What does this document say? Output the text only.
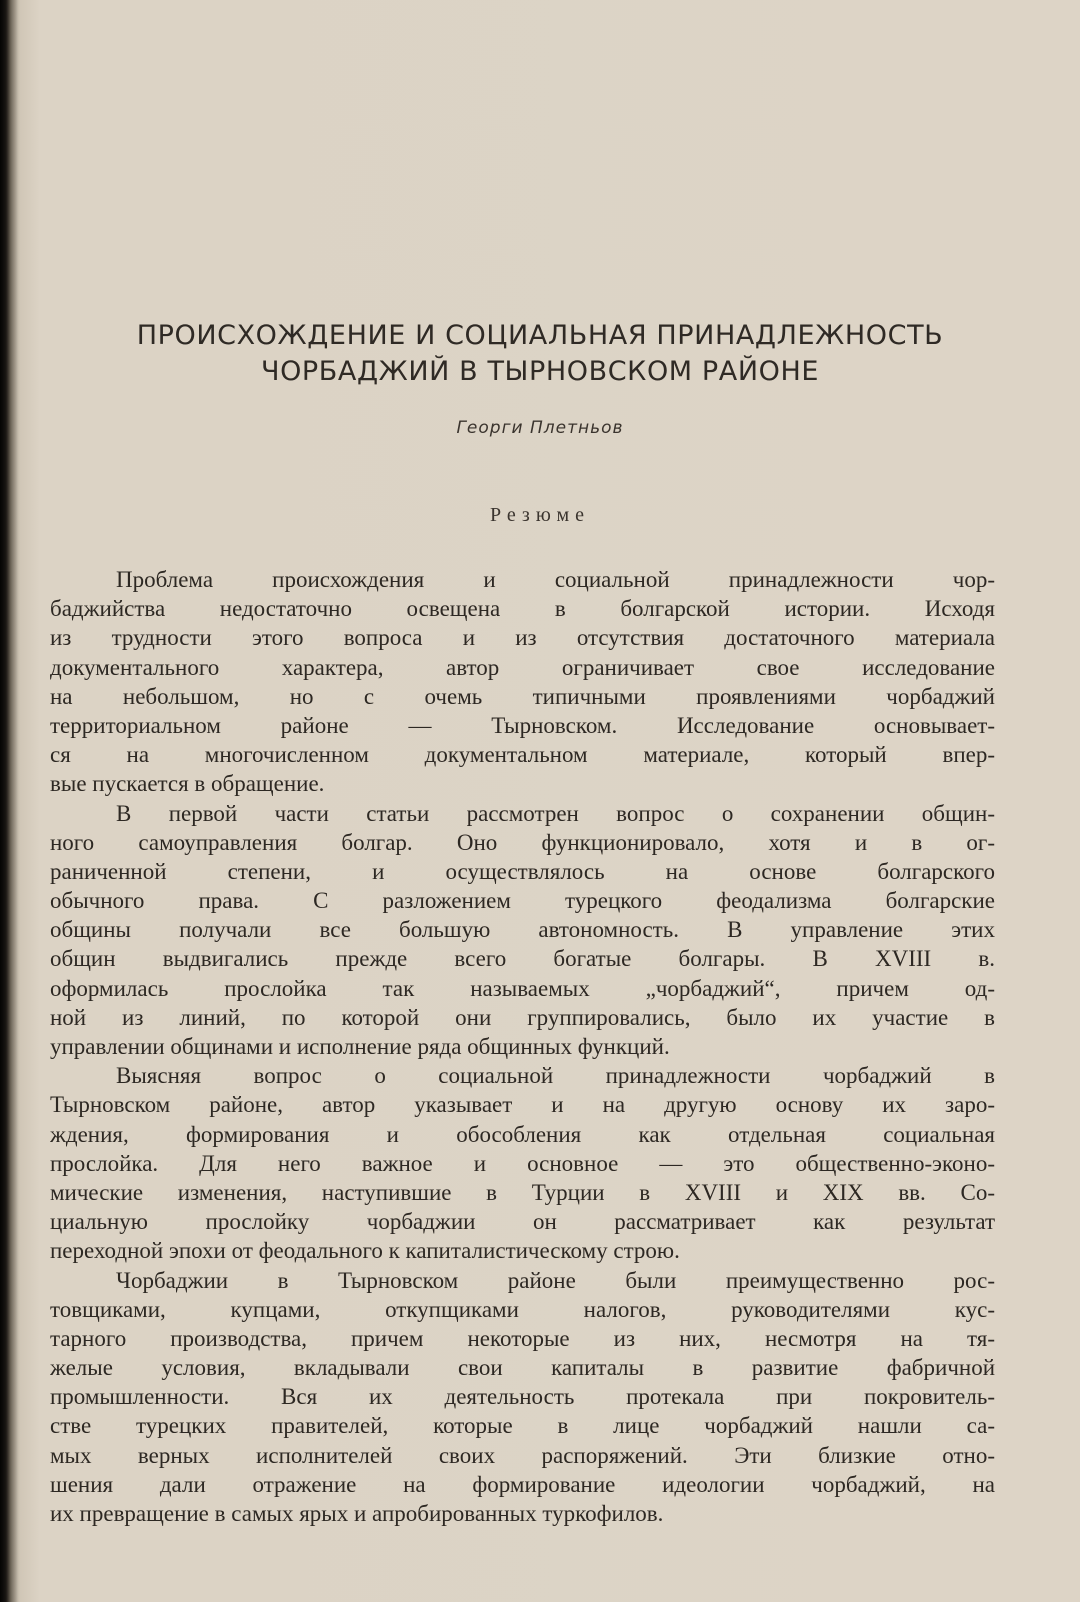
ПРОИСХОЖДЕНИЕ И СОЦИАЛЬНАЯ ПРИНАДЛЕЖНОСТЬ
ЧОРБАДЖИЙ В ТЫРНОВСКОМ РАЙОНЕ
Георги Плетньов
Резюме
Проблема происхождения и социальной принадлежности чор-
баджийства недостаточно освещена в болгарской истории. Исходя
из трудности этого вопроса и из отсутствия достаточного материала
документального характера, автор ограничивает свое исследование
на небольшом, но с очемь типичными проявлениями чорбаджий
территориальном районе — Тырновском. Исследование основывает-
ся на многочисленном документальном материале, который впер-
вые пускается в обращение.
В первой части статьи рассмотрен вопрос о сохранении общин-
ного самоуправления болгар. Оно функционировало, хотя и в ог-
раниченной степени, и осуществлялось на основе болгарского
обычного права. С разложением турецкого феодализма болгарские
общины получали все большую автономность. В управление этих
общин выдвигались прежде всего богатые болгары. В XVIII в.
оформилась прослойка так называемых „чорбаджий“, причем од-
ной из линий, по которой они группировались, было их участие в
управлении общинами и исполнение ряда общинных функций.
Выясняя вопрос о социальной принадлежности чорбаджий в
Тырновском районе, автор указывает и на другую основу их заро-
ждения, формирования и обособления как отдельная социальная
прослойка. Для него важное и основное — это общественно-эконо-
мические изменения, наступившие в Турции в XVIII и XIX вв. Со-
циальную прослойку чорбаджии он рассматривает как результат
переходной эпохи от феодального к капиталистическому строю.
Чорбаджии в Тырновском районе были преимущественно рос-
товщиками, купцами, откупщиками налогов, руководителями кус-
тарного производства, причем некоторые из них, несмотря на тя-
желые условия, вкладывали свои капиталы в развитие фабричной
промышленности. Вся их деятельность протекала при покровитель-
стве турецких правителей, которые в лице чорбаджий нашли са-
мых верных исполнителей своих распоряжений. Эти близкие отно-
шения дали отражение на формирование идеологии чорбаджий, на
их превращение в самых ярых и апробированных туркофилов.
